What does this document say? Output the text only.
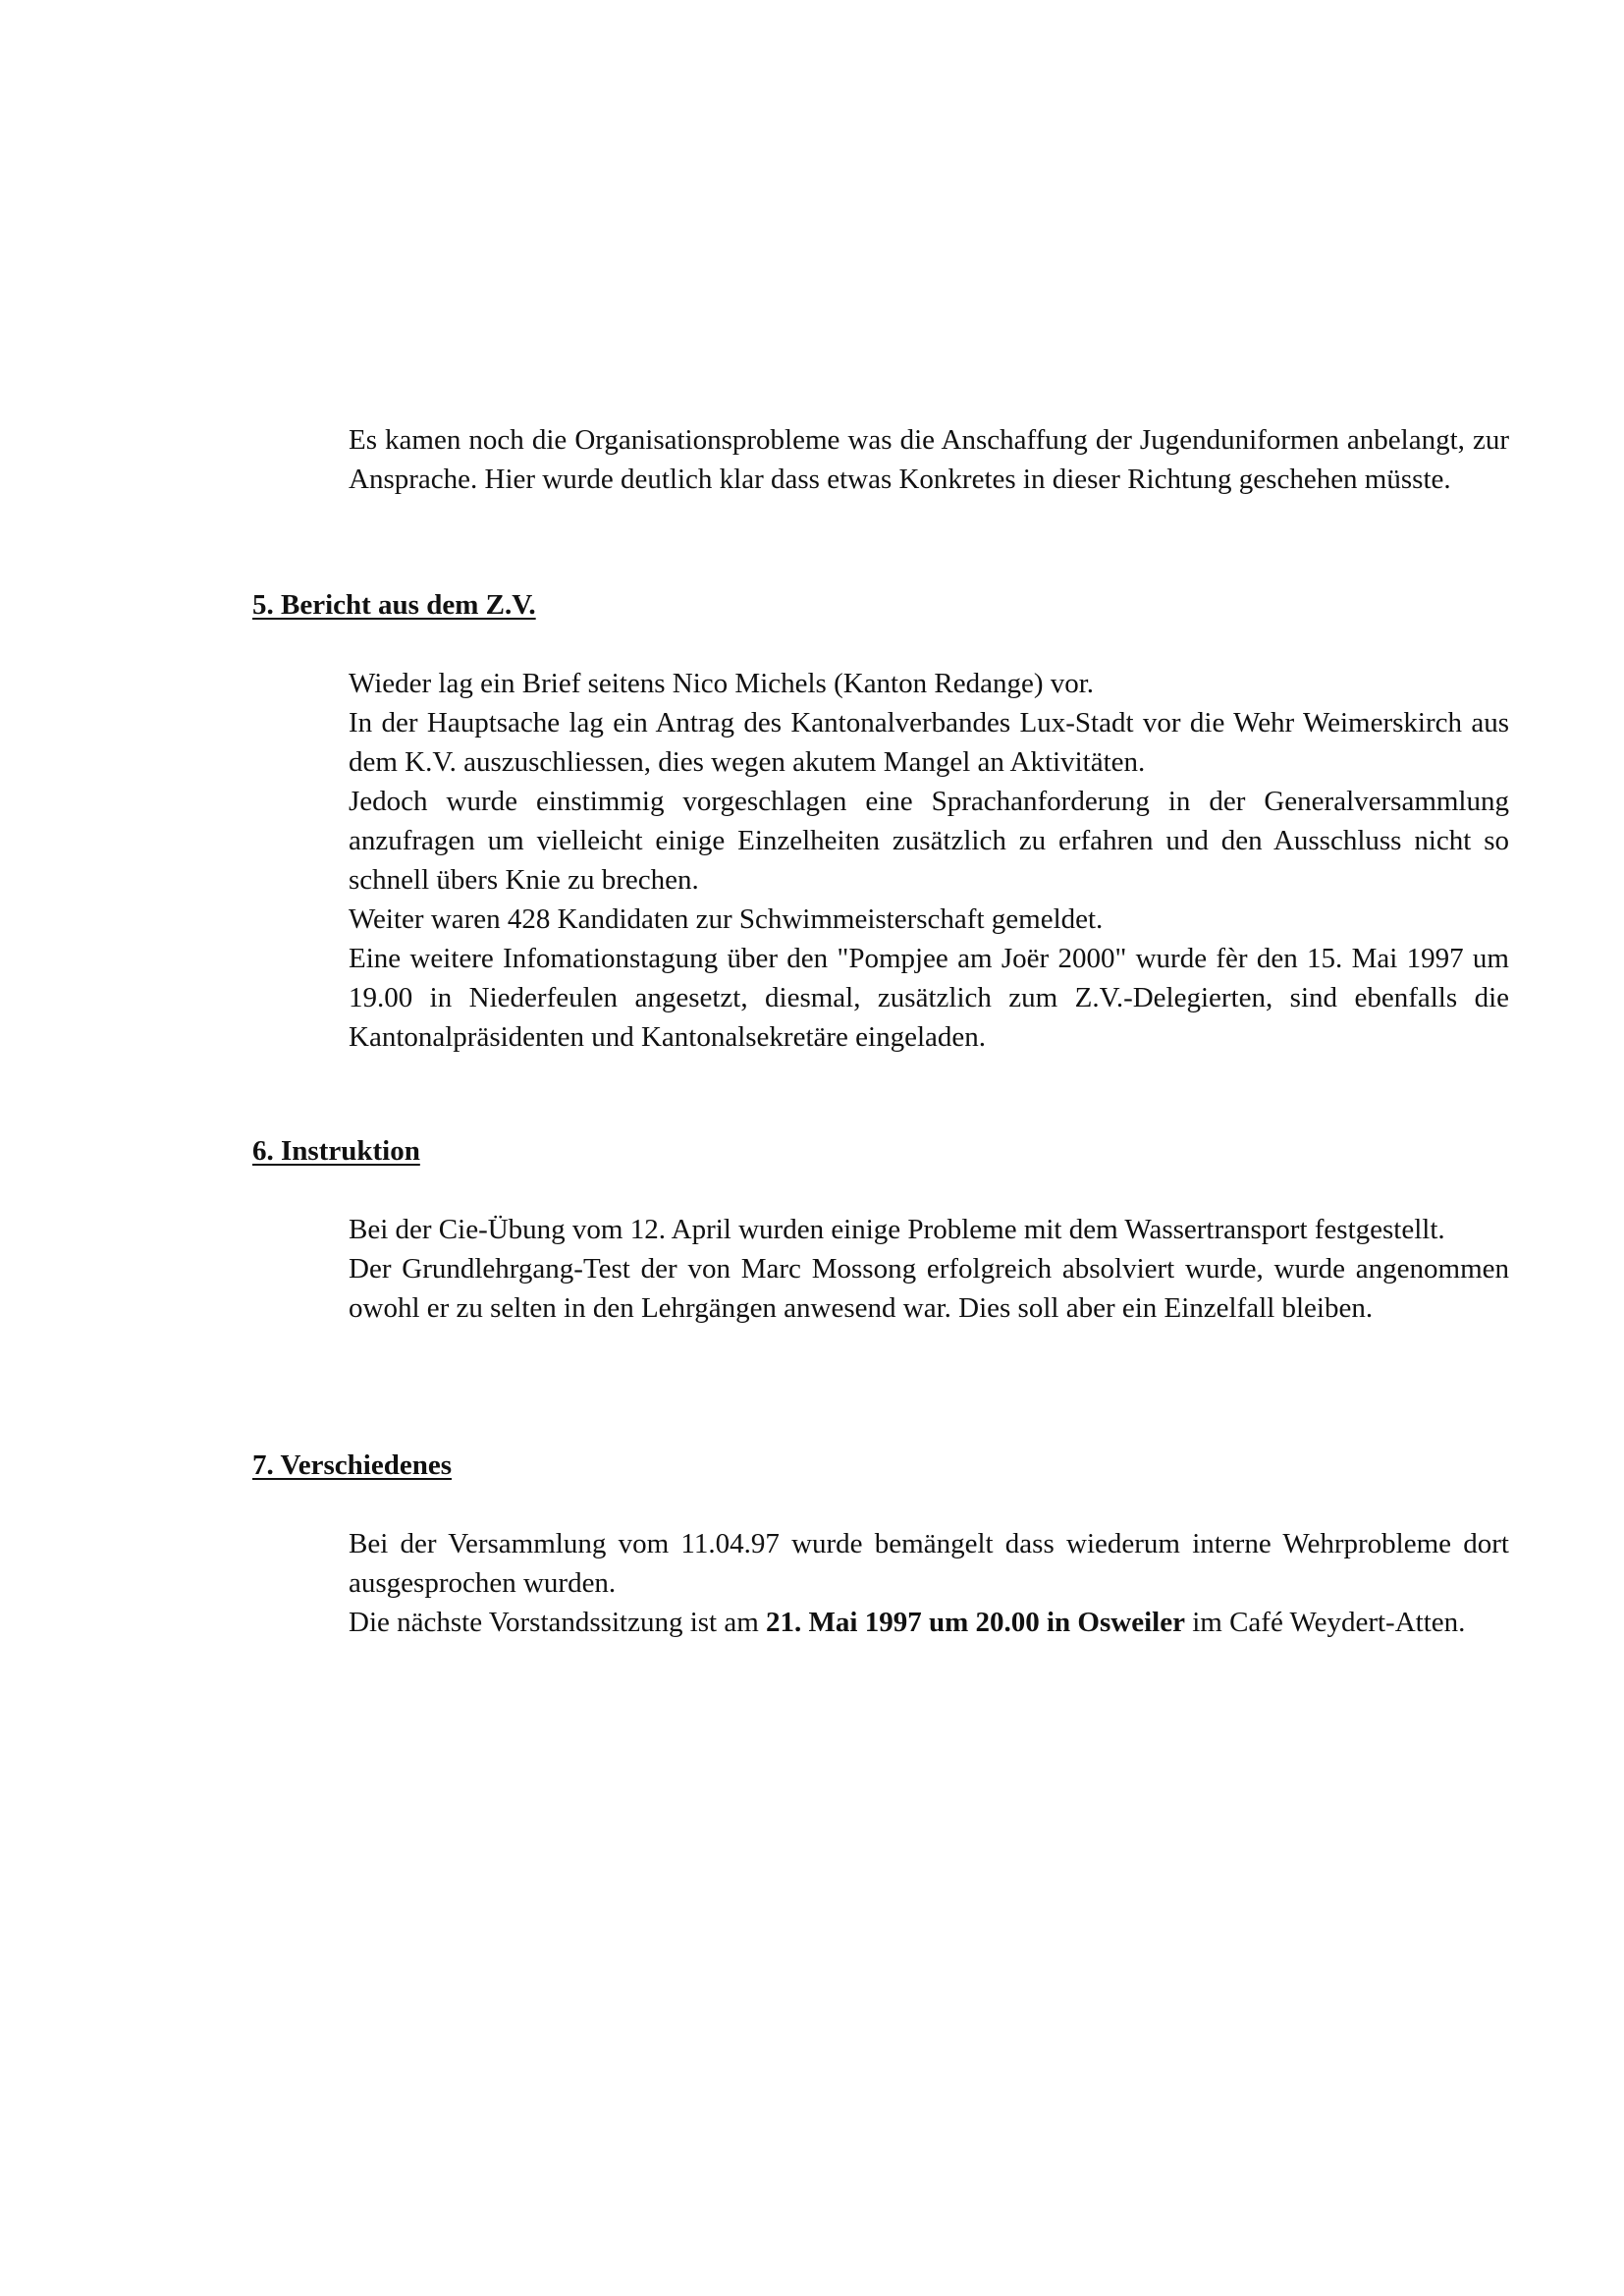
Es kamen noch die Organisationsprobleme was die Anschaffung der Jugenduniformen anbelangt, zur Ansprache. Hier wurde deutlich klar dass etwas Konkretes in dieser Richtung geschehen müsste.

5. Bericht aus dem Z.V.
Wieder lag ein Brief seitens Nico Michels (Kanton Redange) vor.
In der Hauptsache lag ein Antrag des Kantonalverbandes Lux-Stadt vor die Wehr Weimerskirch aus dem K.V. auszuschliessen, dies wegen akutem Mangel an Aktivitäten.
Jedoch wurde einstimmig vorgeschlagen eine Sprachanforderung in der Generalversammlung anzufragen um vielleicht einige Einzelheiten zusätzlich zu erfahren und den Ausschluss nicht so schnell übers Knie zu brechen.
Weiter waren 428 Kandidaten zur Schwimmeisterschaft gemeldet.
Eine weitere Infomationstagung über den "Pompjee am Joër 2000" wurde fèr den 15. Mai 1997 um 19.00 in Niederfeulen angesetzt, diesmal, zusätzlich zum Z.V.-Delegierten, sind ebenfalls die Kantonalpräsidenten und Kantonalsekretäre eingeladen.
6. Instruktion
Bei der Cie-Übung vom 12. April wurden einige Probleme mit dem Wassertransport festgestellt.
Der Grundlehrgang-Test der von Marc Mossong erfolgreich absolviert wurde, wurde angenommen owohl er zu selten in den Lehrgängen anwesend war. Dies soll aber ein Einzelfall bleiben.
7. Verschiedenes
Bei der Versammlung vom 11.04.97 wurde bemängelt dass wiederum interne Wehrprobleme dort ausgesprochen wurden.
Die nächste Vorstandssitzung ist am 21. Mai 1997 um 20.00 in Osweiler im Café Weydert-Atten.
